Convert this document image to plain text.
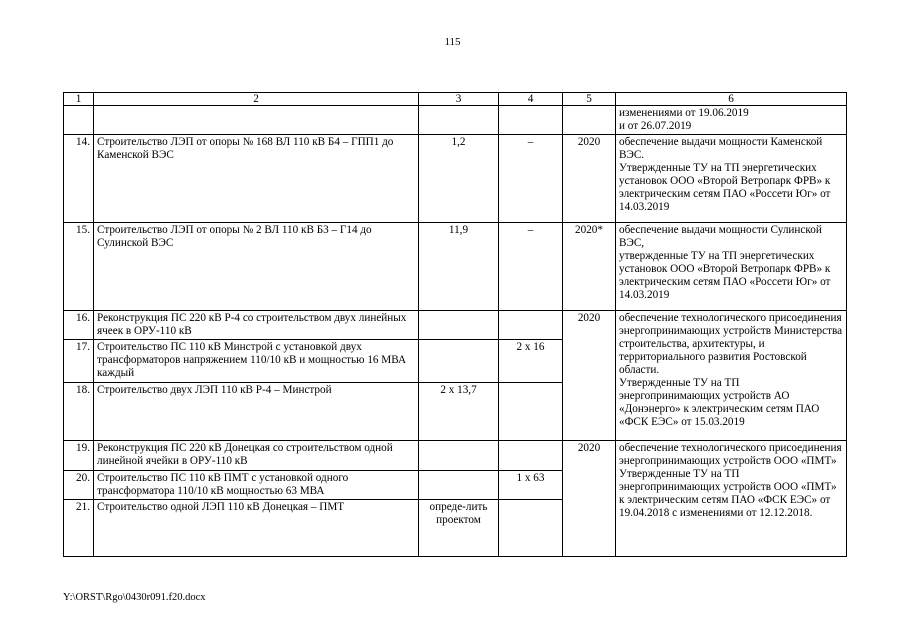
115
1	2	3	4	5	6
					изменениями от 19.06.2019
и от 26.07.2019
14.	Строительство ЛЭП от опоры № 168 ВЛ 110 кВ Б4 – ГПП1 до Каменской ВЭС	1,2	–	2020	обеспечение выдачи мощности Каменской ВЭС.
Утвержденные ТУ на ТП энергетических установок ООО «Второй Ветропарк ФРВ» к электрическим сетям ПАО «Россети Юг» от 14.03.2019
15.	Строительство ЛЭП от опоры № 2 ВЛ 110 кВ Б3 – Г14 до Сулинской ВЭС	11,9	–	2020*	обеспечение выдачи мощности Сулинской ВЭС,
утвержденные ТУ на ТП энергетических установок ООО «Второй Ветропарк ФРВ» к электрическим сетям ПАО «Россети Юг» от 14.03.2019
16.	Реконструкция ПС 220 кВ Р-4 со строительством двух линейных ячеек в ОРУ-110 кВ			2020	обеспечение технологического присоединения энергопринимающих устройств Министерства строительства, архитектуры, и территориального развития Ростовской области.
Утвержденные ТУ на ТП энергопринимающих устройств АО «Донэнерго» к электрическим сетям ПАО «ФСК ЕЭС» от 15.03.2019
17.	Строительство ПС 110 кВ Минстрой с установкой двух трансформаторов напряжением 110/10 кВ и мощностью 16 МВА каждый		2 х 16		
18.	Строительство двух ЛЭП 110 кВ Р-4 – Минстрой	2 х 13,7			
19.	Реконструкция ПС 220 кВ Донецкая со строительством одной линейной ячейки в ОРУ-110 кВ			2020	обеспечение технологического присоединения энергопринимающих устройств ООО «ПМТ»
Утвержденные ТУ на ТП энергопринимающих устройств ООО «ПМТ» к электрическим сетям ПАО «ФСК ЕЭС» от 19.04.2018 с изменениями от 12.12.2018.
20.	Строительство ПС 110 кВ ПМТ с установкой одного трансформатора 110/10 кВ мощностью 63 МВА		1 х 63		
21.	Строительство одной ЛЭП 110 кВ Донецкая – ПМТ	опреде-лить проектом			
Y:\ORST\Rgo\0430r091.f20.docx
